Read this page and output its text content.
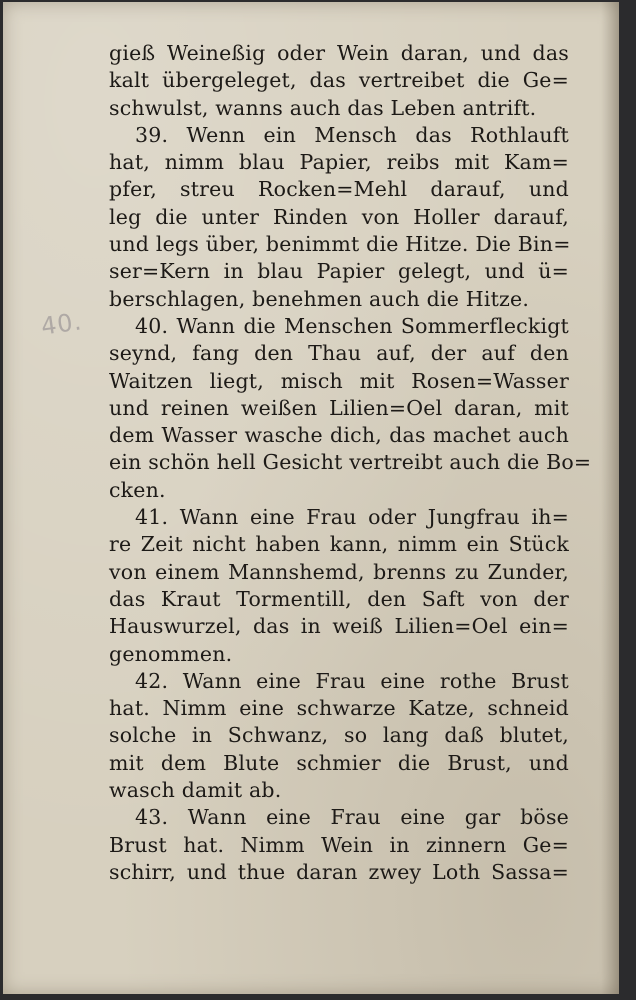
40.
gieß Weineßig oder Wein daran, und das
kalt übergeleget, das vertreibet die Ge=
schwulst, wanns auch das Leben antrift.
39. Wenn ein Mensch das Rothlauft
hat, nimm blau Papier, reibs mit Kam=
pfer, streu Rocken=Mehl darauf, und
leg die unter Rinden von Holler darauf,
und legs über, benimmt die Hitze. Die Bin=
ser=Kern in blau Papier gelegt, und ü=
berschlagen, benehmen auch die Hitze.
40. Wann die Menschen Sommerfleckigt
seynd, fang den Thau auf, der auf den
Waitzen liegt, misch mit Rosen=Wasser
und reinen weißen Lilien=Oel daran, mit
dem Wasser wasche dich, das machet auch
ein schön hell Gesicht vertreibt auch die Bo=
cken.
41. Wann eine Frau oder Jungfrau ih=
re Zeit nicht haben kann, nimm ein Stück
von einem Mannshemd, brenns zu Zunder,
das Kraut Tormentill, den Saft von der
Hauswurzel, das in weiß Lilien=Oel ein=
genommen.
42. Wann eine Frau eine rothe Brust
hat. Nimm eine schwarze Katze, schneid
solche in Schwanz, so lang daß blutet,
mit dem Blute schmier die Brust, und
wasch damit ab.
43. Wann eine Frau eine gar böse
Brust hat. Nimm Wein in zinnern Ge=
schirr, und thue daran zwey Loth Sassa=
